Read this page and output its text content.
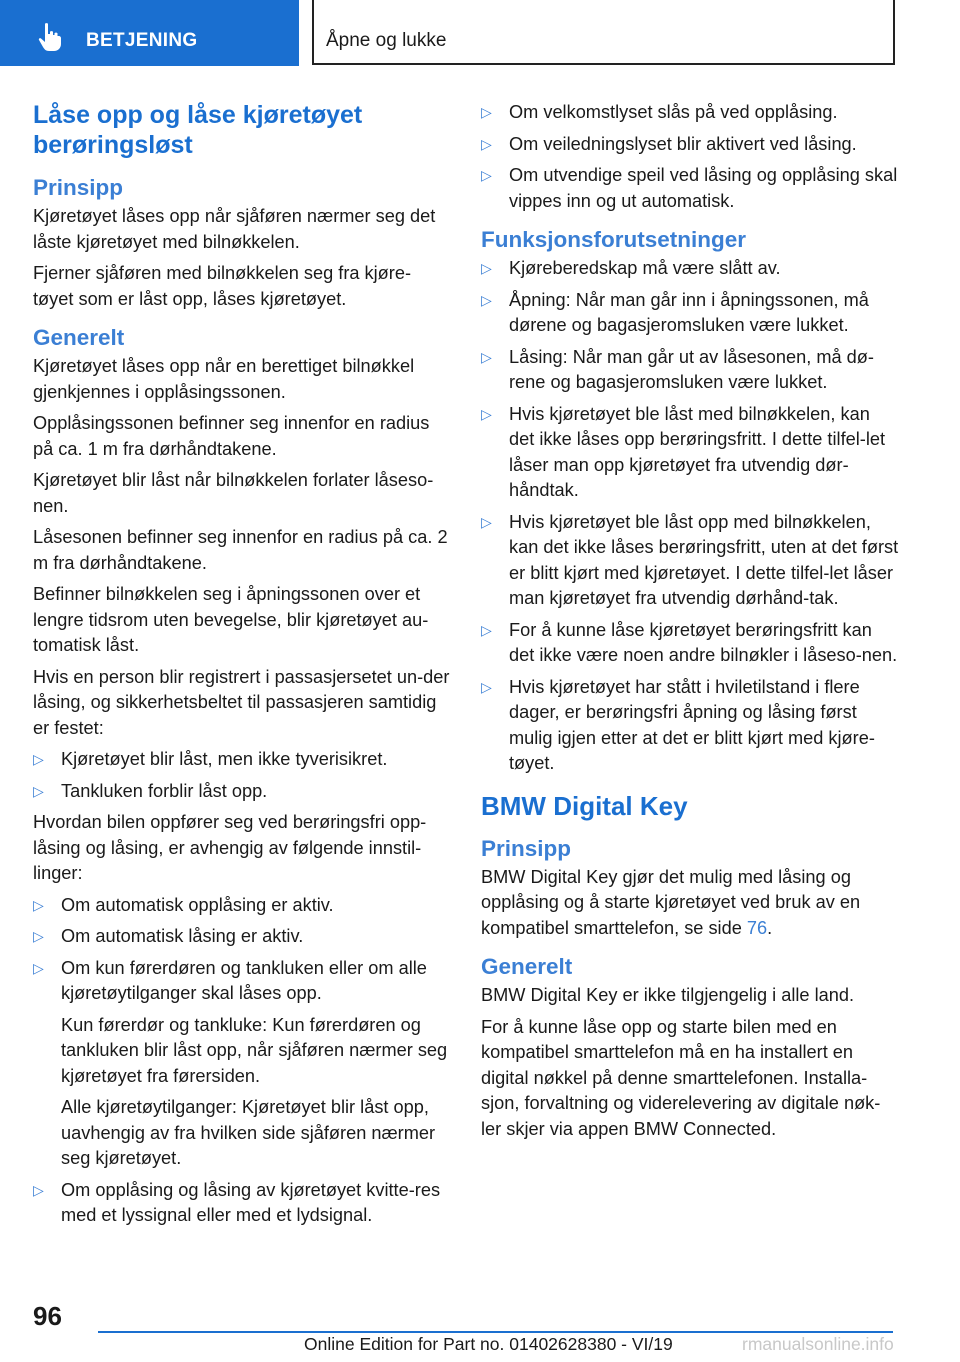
BETJENING	Åpne og lukke
Låse opp og låse kjøretøyet berøringsløst
Prinsipp
Kjøretøyet låses opp når sjåføren nærmer seg det låste kjøretøyet med bilnøkkelen.
Fjerner sjåføren med bilnøkkelen seg fra kjøre-tøyet som er låst opp, låses kjøretøyet.
Generelt
Kjøretøyet låses opp når en berettiget bilnøkkel gjenkjennes i opplåsingssonen.
Opplåsingssonen befinner seg innenfor en radius på ca. 1 m fra dørhåndtakene.
Kjøretøyet blir låst når bilnøkkelen forlater låseso-nen.
Låsesonen befinner seg innenfor en radius på ca. 2 m fra dørhåndtakene.
Befinner bilnøkkelen seg i åpningssonen over et lengre tidsrom uten bevegelse, blir kjøretøyet au-tomatisk låst.
Hvis en person blir registrert i passasjersetet un-der låsing, og sikkerhetsbeltet til passasjeren samtidig er festet:
▷ Kjøretøyet blir låst, men ikke tyverisikret.
▷ Tankluken forblir låst opp.
Hvordan bilen oppfører seg ved berøringsfri opp-låsing og låsing, er avhengig av følgende innstil-linger:
▷ Om automatisk opplåsing er aktiv.
▷ Om automatisk låsing er aktiv.
▷ Om kun førerdøren og tankluken eller om alle kjøretøytilganger skal låses opp.
Kun førerdør og tankluke: Kun førerdøren og tankluken blir låst opp, når sjåføren nærmer seg kjøretøyet fra førersiden.
Alle kjøretøytilganger: Kjøretøyet blir låst opp, uavhengig av fra hvilken side sjåføren nærmer seg kjøretøyet.
▷ Om opplåsing og låsing av kjøretøyet kvitte-res med et lyssignal eller med et lydsignal.
▷ Om velkomstlyset slås på ved opplåsing.
▷ Om veiledningslyset blir aktivert ved låsing.
▷ Om utvendige speil ved låsing og opplåsing skal vippes inn og ut automatisk.
Funksjonsforutsetninger
▷ Kjøreberedskap må være slått av.
▷ Åpning: Når man går inn i åpningssonen, må dørene og bagasjeromsluken være lukket.
▷ Låsing: Når man går ut av låsesonen, må dø-rene og bagasjeromsluken være lukket.
▷ Hvis kjøretøyet ble låst med bilnøkkelen, kan det ikke låses opp berøringsfritt. I dette tilfel-let låser man opp kjøretøyet fra utvendig dør-håndtak.
▷ Hvis kjøretøyet ble låst opp med bilnøkkelen, kan det ikke låses berøringsfritt, uten at det først er blitt kjørt med kjøretøyet. I dette tilfel-let låser man kjøretøyet fra utvendig dørhånd-tak.
▷ For å kunne låse kjøretøyet berøringsfritt kan det ikke være noen andre bilnøkler i låseso-nen.
▷ Hvis kjøretøyet har stått i hviletilstand i flere dager, er berøringsfri åpning og låsing først mulig igjen etter at det er blitt kjørt med kjøre-tøyet.
BMW Digital Key
Prinsipp
BMW Digital Key gjør det mulig med låsing og opplåsing og å starte kjøretøyet ved bruk av en kompatibel smarttelefon, se side 76.
Generelt
BMW Digital Key er ikke tilgjengelig i alle land.
For å kunne låse opp og starte bilen med en kompatibel smarttelefon må en ha installert en digital nøkkel på denne smarttelefonen. Installa-sjon, forvaltning og viderelevering av digitale nøk-ler skjer via appen BMW Connected.
96
Online Edition for Part no. 01402628380 - VI/19	rmanualsonline.info
